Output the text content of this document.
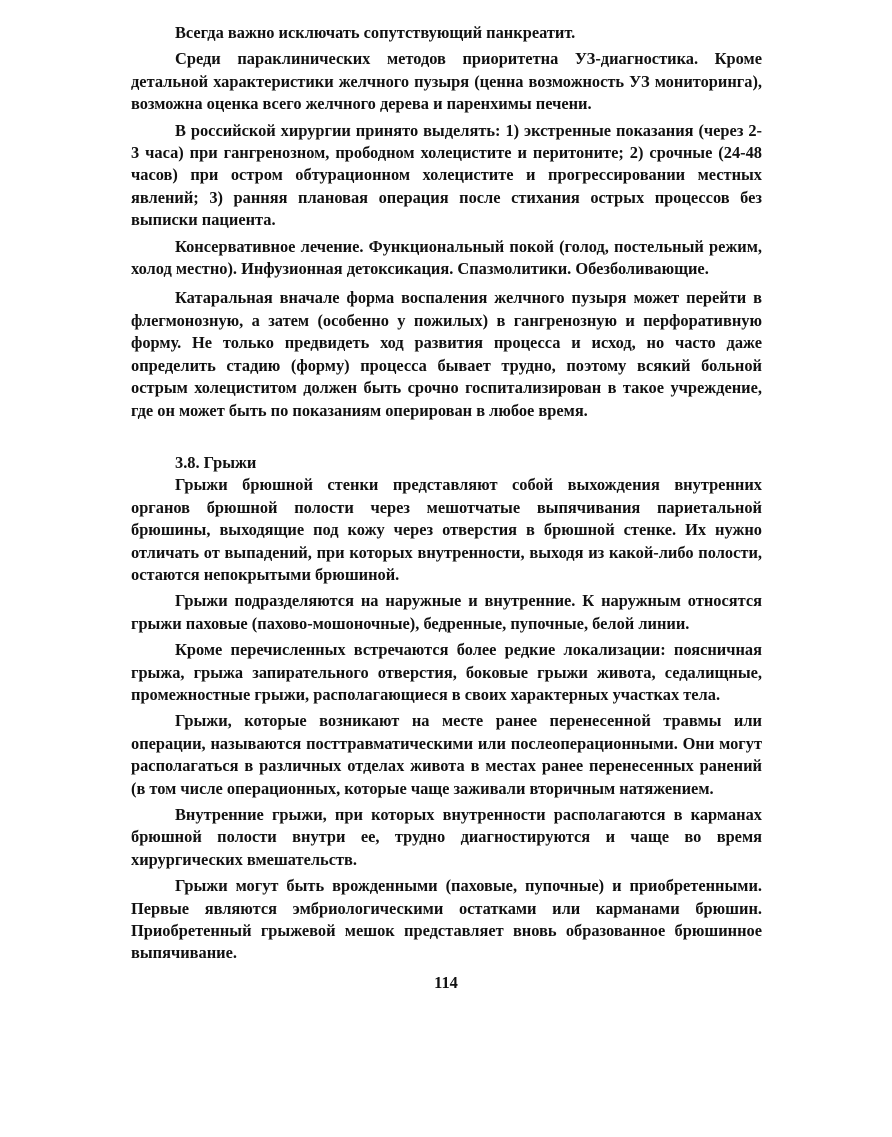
Всегда важно исключать сопутствующий панкреатит.

Среди параклинических методов приоритетна УЗ-диагностика. Кроме детальной характеристики желчного пузыря (ценна возможность УЗ мониторинга), возможна оценка всего желчного дерева и паренхимы печени.

В российской хирургии принято выделять: 1) экстренные показания (через 2-3 часа) при гангренозном, прободном холецистите и перитоните; 2) срочные (24-48 часов) при остром обтурационном холецистите и прогрессировании местных явлений; 3) ранняя плановая операция после стихания острых процессов без выписки пациента.

Консервативное лечение. Функциональный покой (голод, постельный режим, холод местно). Инфузионная детоксикация. Спазмолитики. Обезболивающие.

Катаральная вначале форма воспаления желчного пузыря может перейти в флегмонозную, а затем (особенно у пожилых) в гангренозную и перфоративную форму. Не только предвидеть ход развития процесса и исход, но часто даже определить стадию (форму) процесса бывает трудно, поэтому всякий больной острым холециститом должен быть срочно госпитализирован в такое учреждение, где он может быть по показаниям оперирован в любое время.

3.8. Грыжи

Грыжи брюшной стенки представляют собой выхождения внутренних органов брюшной полости через мешотчатые выпячивания париетальной брюшины, выходящие под кожу через отверстия в брюшной стенке. Их нужно отличать от выпадений, при которых внутренности, выходя из какой-либо полости, остаются непокрытыми брюшиной.

Грыжи подразделяются на наружные и внутренние. К наружным относятся грыжи паховые (пахово-мошоночные), бедренные, пупочные, белой линии.

Кроме перечисленных встречаются более редкие локализации: поясничная грыжа, грыжа запирательного отверстия, боковые грыжи живота, седалищные, промежностные грыжи, располагающиеся в своих характерных участках тела.

Грыжи, которые возникают на месте ранее перенесенной травмы или операции, называются посттравматическими или послеоперационными. Они могут располагаться в различных отделах живота в местах ранее перенесенных ранений (в том числе операционных, которые чаще заживали вторичным натяжением.

Внутренние грыжи, при которых внутренности располагаются в карманах брюшной полости внутри ее, трудно диагностируются и чаще во время хирургических вмешательств.

Грыжи могут быть врожденными (паховые, пупочные) и приобретенными. Первые являются эмбриологическими остатками или карманами брюшин. Приобретенный грыжевой мешок представляет вновь образованное брюшинное выпячивание.

114
